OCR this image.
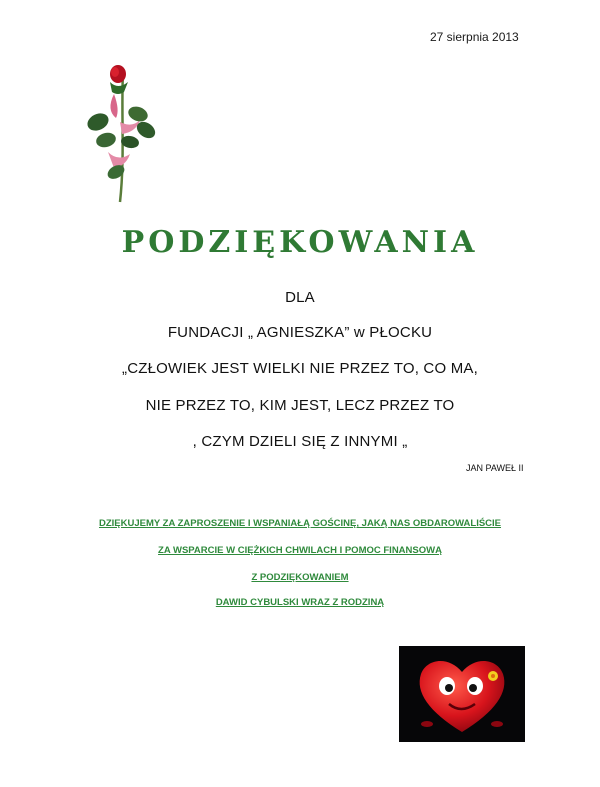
27 sierpnia 2013
PODZIĘKOWANIA
DLA
FUNDACJI „ AGNIESZKA” w PŁOCKU
„CZŁOWIEK JEST WIELKI NIE PRZEZ TO, CO MA,
NIE PRZEZ TO, KIM JEST, LECZ PRZEZ TO
, CZYM DZIELI SIĘ Z INNYMI „
JAN PAWEŁ II
DZIĘKUJEMY ZA ZAPROSZENIE I WSPANIAŁĄ GOŚCINĘ, JAKĄ NAS OBDAROWALIŚCIE
ZA WSPARCIE W CIĘŻKICH CHWILACH I POMOC FINANSOWĄ
Z PODZIĘKOWANIEM
DAWID CYBULSKI WRAZ Z RODZINĄ
